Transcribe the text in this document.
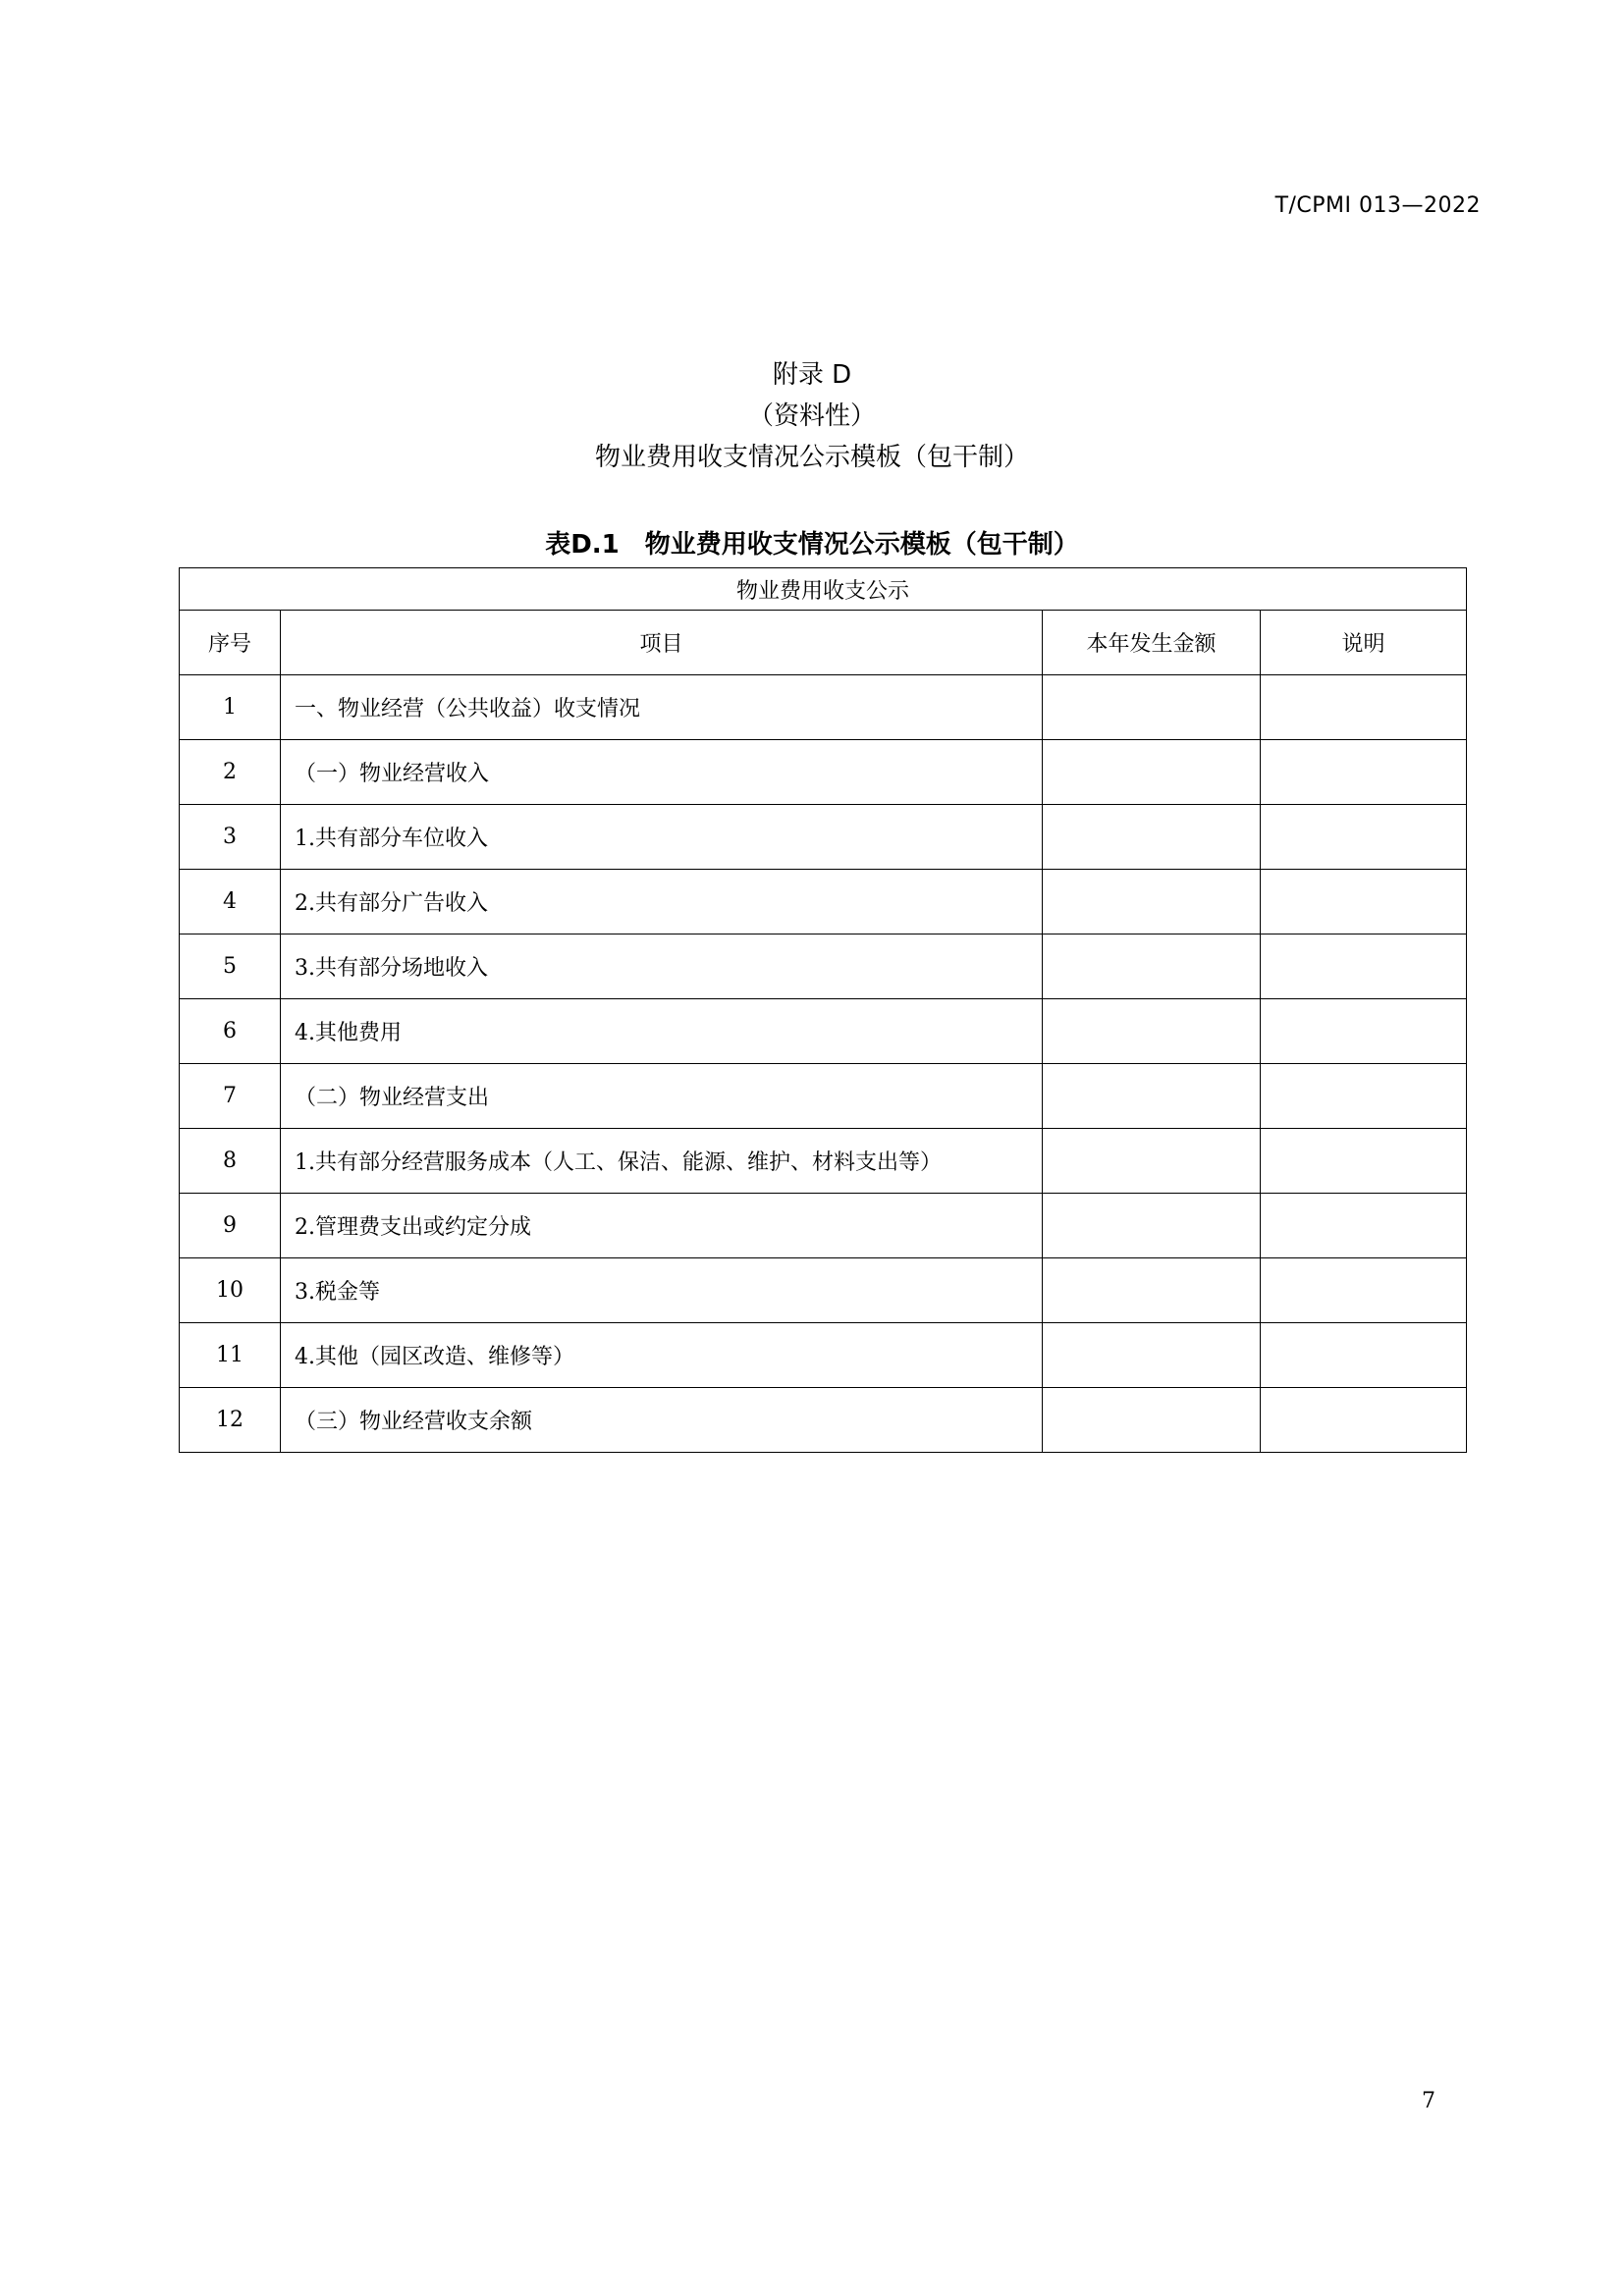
T/CPMI 013—2022
附录 D
（资料性）
物业费用收支情况公示模板（包干制）
表D.1 物业费用收支情况公示模板（包干制）
物业费用收支公示			
序号	项目	本年发生金额	说明
1	一、物业经营（公共收益）收支情况		
2	（一）物业经营收入		
3	1.共有部分车位收入		
4	2.共有部分广告收入		
5	3.共有部分场地收入		
6	4.其他费用		
7	（二）物业经营支出		
8	1.共有部分经营服务成本（人工、保洁、能源、维护、材料支出等）		
9	2.管理费支出或约定分成		
10	3.税金等		
11	4.其他（园区改造、维修等）		
12	（三）物业经营收支余额		
7
